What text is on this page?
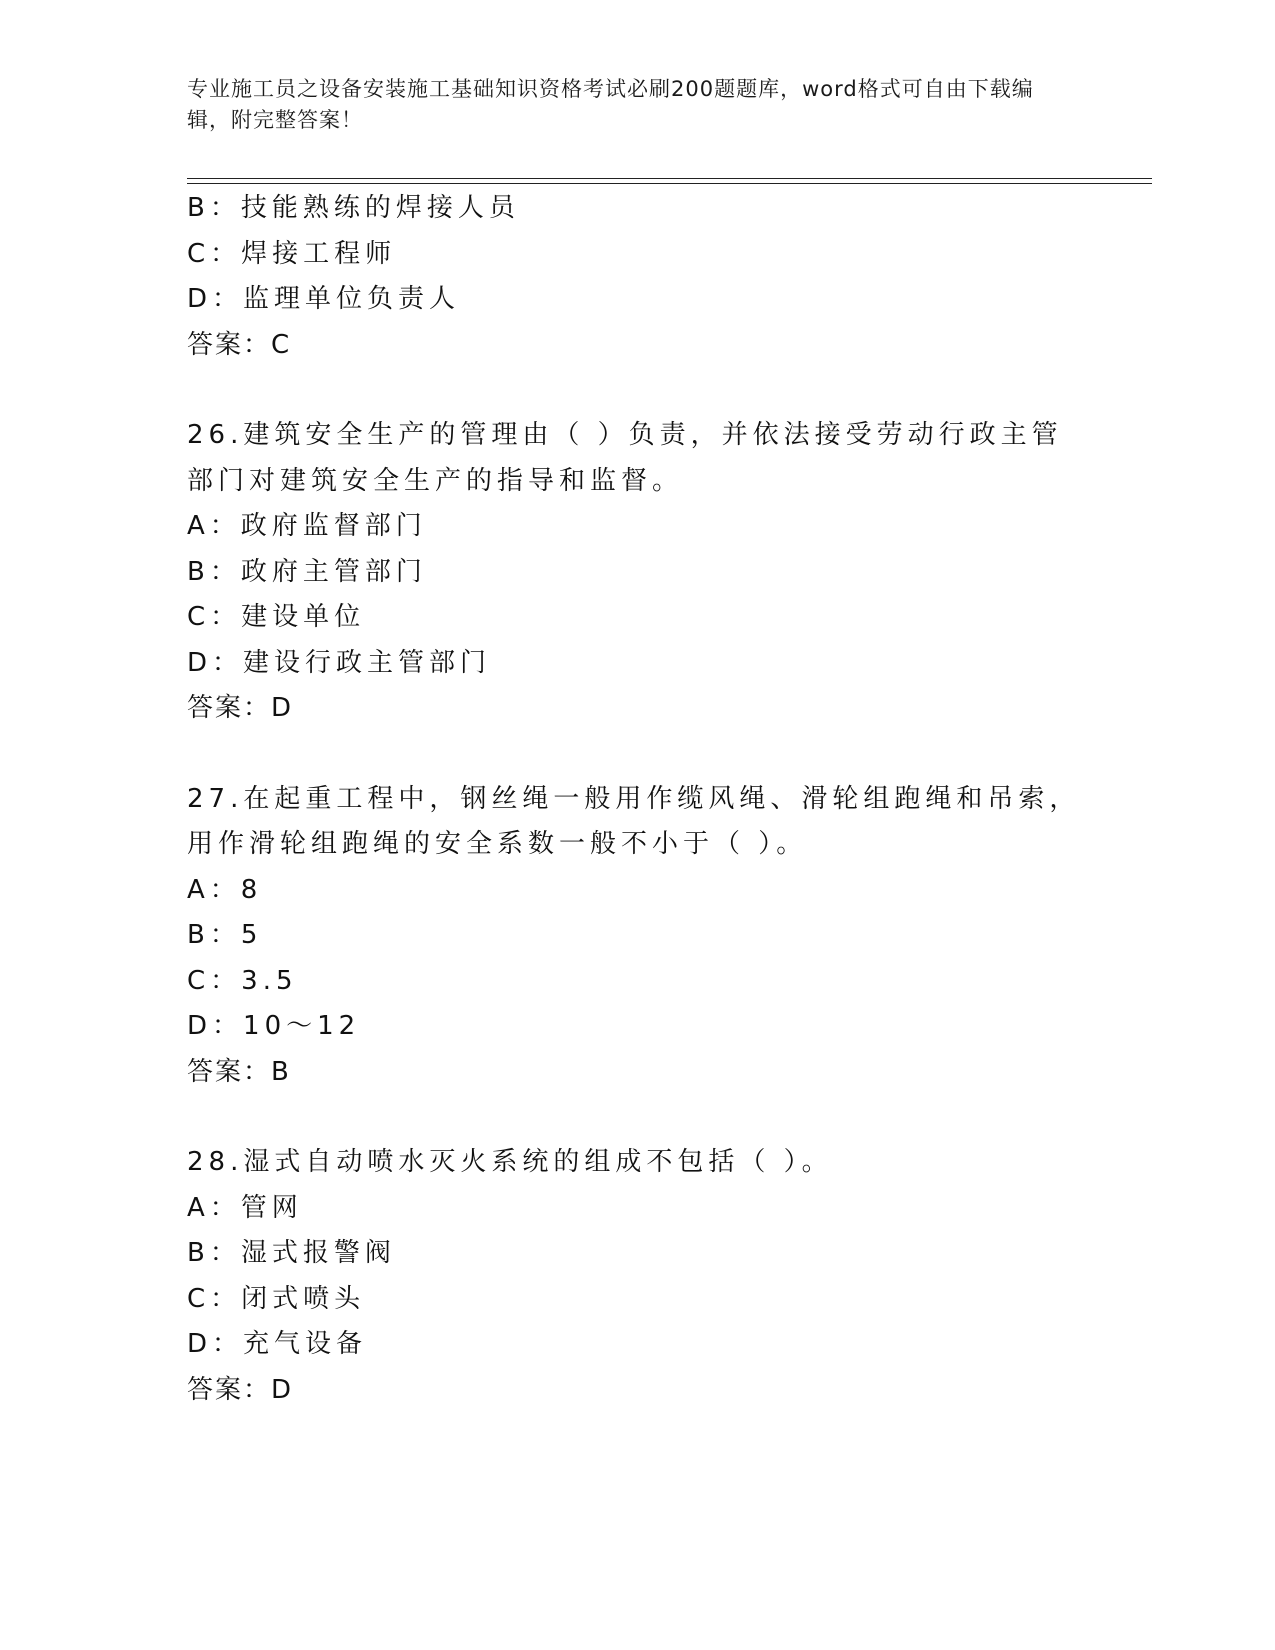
专业施工员之设备安装施工基础知识资格考试必刷200题题库，word格式可自由下载编辑，附完整答案！
B：技能熟练的焊接人员
C：焊接工程师
D：监理单位负责人
答案：C
26.建筑安全生产的管理由（ ）负责，并依法接受劳动行政主管部门对建筑安全生产的指导和监督。
A：政府监督部门
B：政府主管部门
C：建设单位
D：建设行政主管部门
答案：D
27.在起重工程中，钢丝绳一般用作缆风绳、滑轮组跑绳和吊索，用作滑轮组跑绳的安全系数一般不小于（ ）。
A：8
B：5
C：3.5
D：10～12
答案：B
28.湿式自动喷水灭火系统的组成不包括（ ）。
A：管网
B：湿式报警阀
C：闭式喷头
D：充气设备
答案：D
